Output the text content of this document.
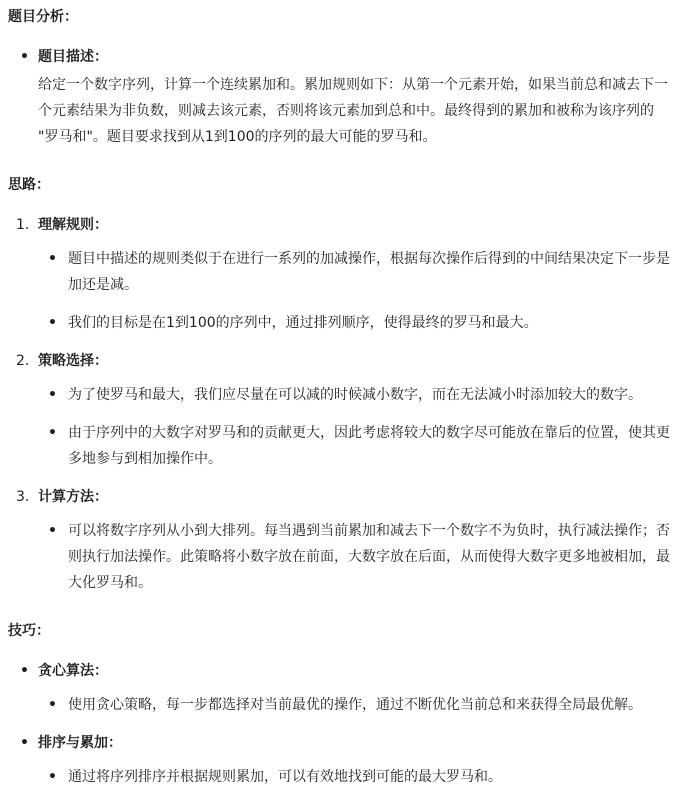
题目分析：
• 题目描述：
给定一个数字序列，计算一个连续累加和。累加规则如下：从第一个元素开始，如果当前总和减去下一个元素结果为非负数，则减去该元素，否则将该元素加到总和中。最终得到的累加和被称为该序列的 "罗马和"。题目要求找到从1到100的序列的最大可能的罗马和。
思路：
1. 理解规则：
• 题目中描述的规则类似于在进行一系列的加减操作，根据每次操作后得到的中间结果决定下一步是加还是减。
• 我们的目标是在1到100的序列中，通过排列顺序，使得最终的罗马和最大。
2. 策略选择：
• 为了使罗马和最大，我们应尽量在可以减的时候减小数字，而在无法减小时添加较大的数字。
• 由于序列中的大数字对罗马和的贡献更大，因此考虑将较大的数字尽可能放在靠后的位置，使其更多地参与到相加操作中。
3. 计算方法：
• 可以将数字序列从小到大排列。每当遇到当前累加和减去下一个数字不为负时，执行减法操作；否则执行加法操作。此策略将小数字放在前面，大数字放在后面，从而使得大数字更多地被相加，最大化罗马和。
技巧：
• 贪心算法：
• 使用贪心策略，每一步都选择对当前最优的操作，通过不断优化当前总和来获得全局最优解。
• 排序与累加：
• 通过将序列排序并根据规则累加，可以有效地找到可能的最大罗马和。
